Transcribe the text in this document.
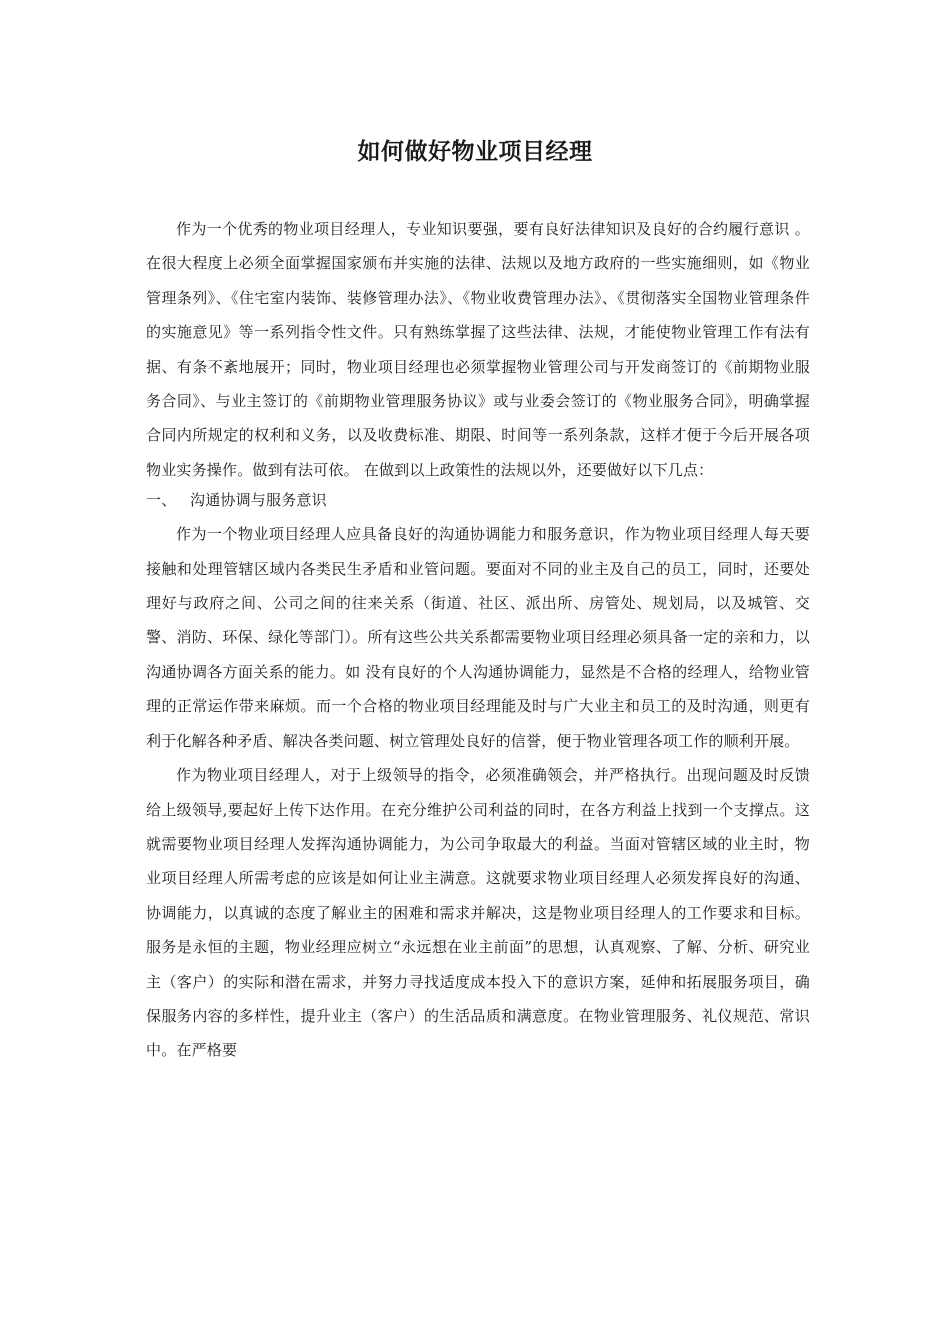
如何做好物业项目经理

作为一个优秀的物业项目经理人，专业知识要强，要有良好法律知识及良好的合约履行意识 。在很大程度上必须全面掌握国家颁布并实施的法律、法规以及地方政府的一些实施细则，如《物业管理条列》、《住宅室内装饰、装修管理办法》、《物业收费管理办法》、《贯彻落实全国物业管理条件的实施意见》等一系列指令性文件。只有熟练掌握了这些法律、法规，才能使物业管理工作有法有据、有条不紊地展开；同时，物业项目经理也必须掌握物业管理公司与开发商签订的《前期物业服务合同》、与业主签订的《前期物业管理服务协议》或与业委会签订的《物业服务合同》，明确掌握合同内所规定的权利和义务，以及收费标准、期限、时间等一系列条款，这样才便于今后开展各项物业实务操作。做到有法可依。 在做到以上政策性的法规以外，还要做好以下几点：

一、 沟通协调与服务意识

作为一个物业项目经理人应具备良好的沟通协调能力和服务意识，作为物业项目经理人每天要接触和处理管辖区域内各类民生矛盾和业管问题。要面对不同的业主及自己的员工，同时，还要处理好与政府之间、公司之间的往来关系（街道、社区、派出所、房管处、规划局，以及城管、交警、消防、环保、绿化等部门）。所有这些公共关系都需要物业项目经理必须具备一定的亲和力，以沟通协调各方面关系的能力。如 没有良好的个人沟通协调能力，显然是不合格的经理人，给物业管理的正常运作带来麻烦。而一个合格的物业项目经理能及时与广大业主和员工的及时沟通，则更有利于化解各种矛盾、解决各类问题、树立管理处良好的信誉，便于物业管理各项工作的顺利开展。

作为物业项目经理人，对于上级领导的指令，必须准确领会，并严格执行。出现问题及时反馈给上级领导,要起好上传下达作用。在充分维护公司利益的同时，在各方利益上找到一个支撑点。这就需要物业项目经理人发挥沟通协调能力，为公司争取最大的利益。当面对管辖区域的业主时，物业项目经理人所需考虑的应该是如何让业主满意。这就要求物业项目经理人必须发挥良好的沟通、协调能力，以真诚的态度了解业主的困难和需求并解决，这是物业项目经理人的工作要求和目标。服务是永恒的主题，物业经理应树立“永远想在业主前面”的思想，认真观察、了解、分析、研究业主（客户）的实际和潜在需求，并努力寻找适度成本投入下的意识方案，延伸和拓展服务项目，确保服务内容的多样性，提升业主（客户）的生活品质和满意度。在物业管理服务、礼仪规范、常识中。在严格要
